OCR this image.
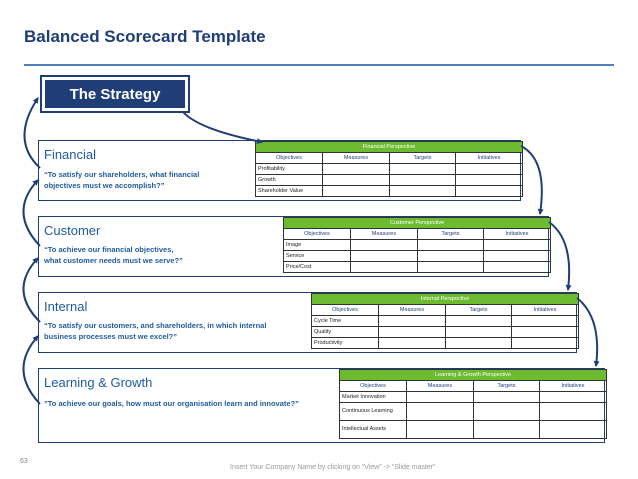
Balanced Scorecard Template
The Strategy
Financial
“To satisfy our shareholders, what financial
objectives must we accomplish?”
Financial Perspective			
Objectives	Measures	Targets	Initiatives
Profitability			
Growth			
Shareholder Value			
Customer
“To achieve our financial objectives,
what customer needs must we serve?”
Customer Perspective			
Objectives	Measures	Targets	Initiatives
Image			
Service			
Price/Cost			
Internal
“To satisfy our customers, and shareholders, in which internal
business processes must we excel?”
Internal Perspective			
Objectives	Measures	Targets	Initiatives
Cycle Time			
Quality			
Productivity			
Learning & Growth
”To achieve our goals, how must our organisation learn and innovate?”
Learning & Growth Perspective			
Objectives	Measures	Targets	Initiatives
Market Innovation			
Continuous Learning			
Intellectual Assets			
63
Insert Your Company Name by clicking on “View” -> “Slide master”
